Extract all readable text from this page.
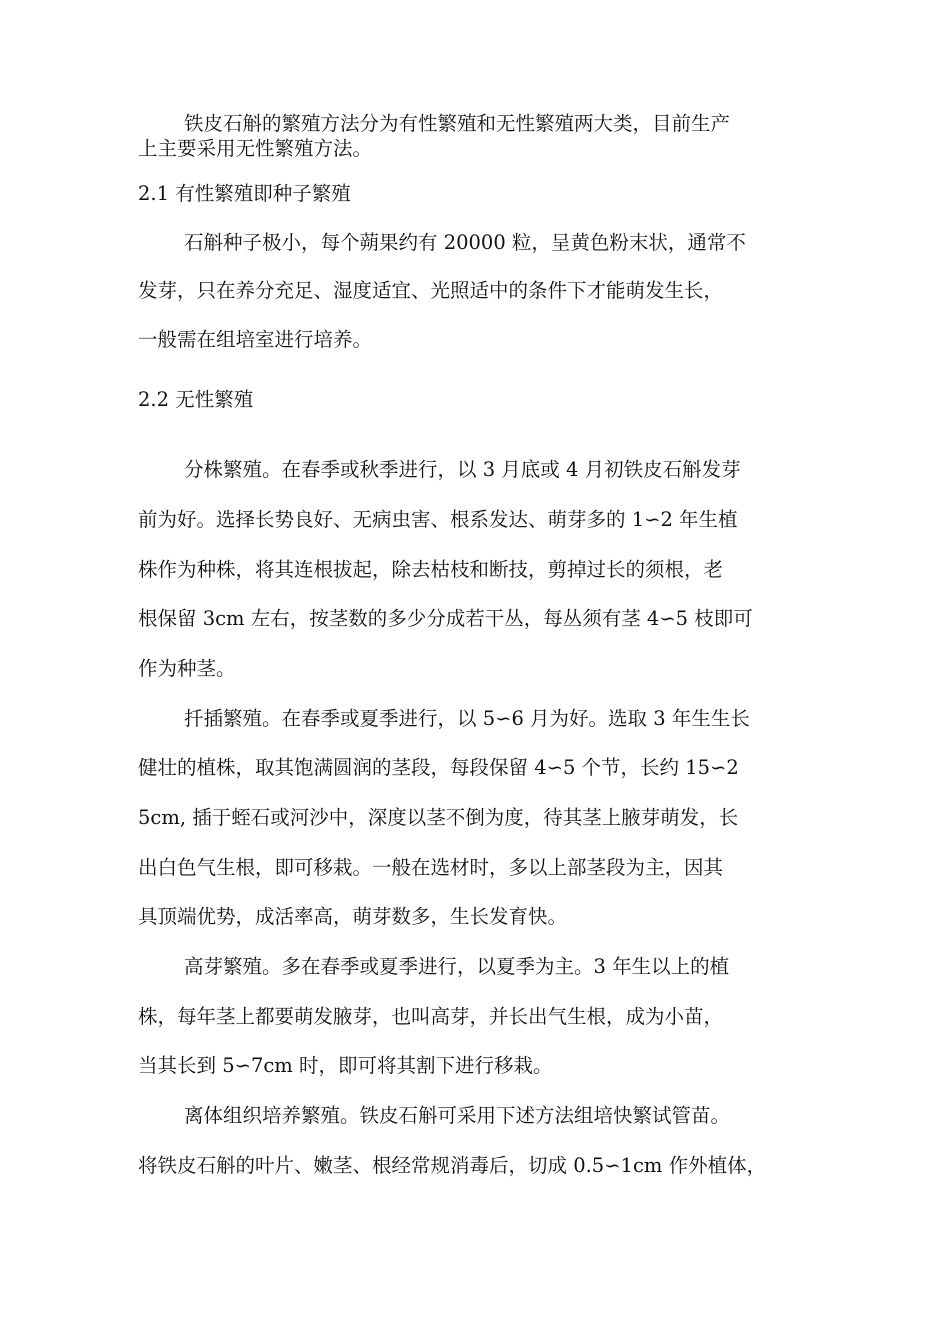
铁皮石斛的繁殖方法分为有性繁殖和无性繁殖两大类，目前生产
上主要采用无性繁殖方法。
2.1 有性繁殖即种子繁殖
石斛种子极小，每个蒴果约有 20000 粒，呈黄色粉末状，通常不
发芽，只在养分充足、湿度适宜、光照适中的条件下才能萌发生长，
一般需在组培室进行培养。
2.2 无性繁殖
分株繁殖。在春季或秋季进行，以 3 月底或 4 月初铁皮石斛发芽
前为好。选择长势良好、无病虫害、根系发达、萌芽多的 1∽2 年生植
株作为种株，将其连根拔起，除去枯枝和断技，剪掉过长的须根，老
根保留 3cm 左右，按茎数的多少分成若干丛，每丛须有茎 4∽5 枝即可
作为种茎。
扦插繁殖。在春季或夏季进行，以 5∽6 月为好。选取 3 年生生长
健壮的植株，取其饱满圆润的茎段，每段保留 4∽5 个节，长约 15∽2
5cm, 插于蛭石或河沙中，深度以茎不倒为度，待其茎上腋芽萌发，长
出白色气生根，即可移栽。一般在选材时，多以上部茎段为主，因其
具顶端优势，成活率高，萌芽数多，生长发育快。
高芽繁殖。多在春季或夏季进行，以夏季为主。3 年生以上的植
株，每年茎上都要萌发腋芽，也叫高芽，并长出气生根，成为小苗，
当其长到 5∽7cm 时，即可将其割下进行移栽。
离体组织培养繁殖。铁皮石斛可采用下述方法组培快繁试管苗。
将铁皮石斛的叶片、嫩茎、根经常规消毒后，切成 0.5∽1cm 作外植体，
